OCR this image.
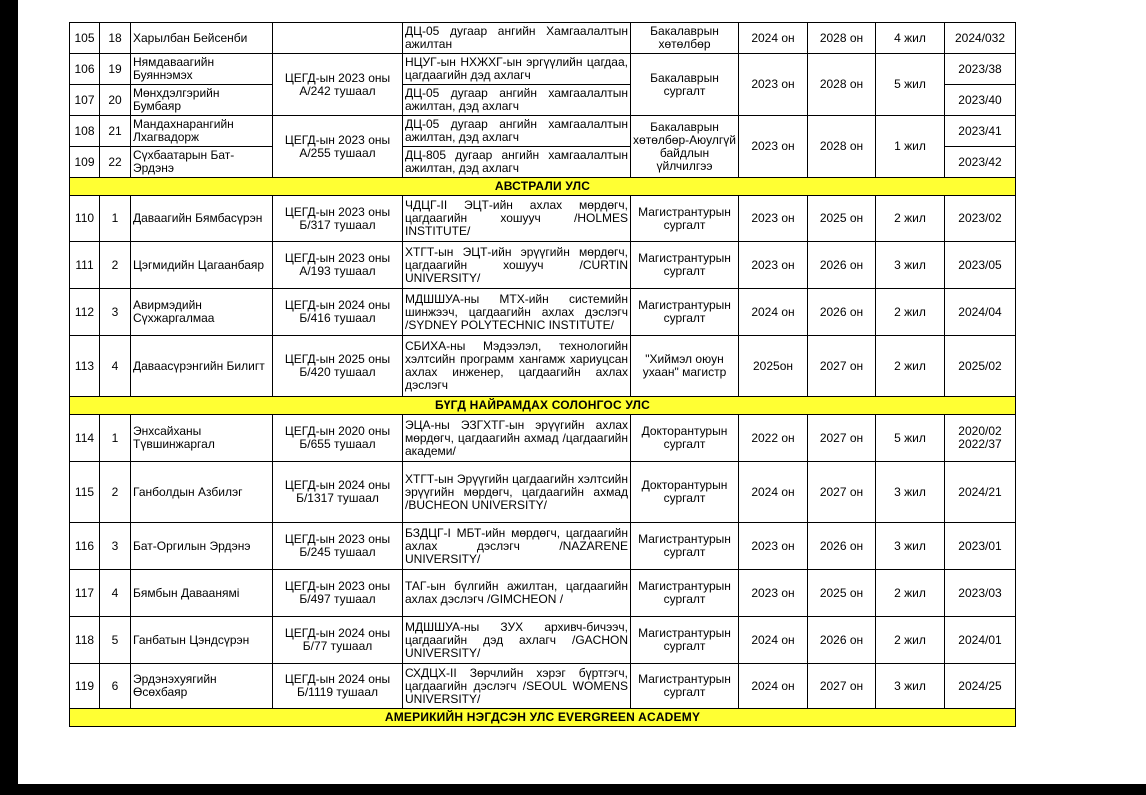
105	18	Харылбан Бейсенби		ДЦ-05 дугаар ангийн Хамгаалалтын ажилтан	Бакалаврын хөтөлбөр	2024 он	2028 он	4 жил	2024/032
106	19	Нямдаваагийн Буяннэмэх	ЦЕГД-ын 2023 оны А/242 тушаал	НЦУГ-ын НХЖХГ-ын эргүүлийн цагдаа, цагдаагийн дэд ахлагч	Бакалаврын сургалт	2023 он	2028 он	5 жил	2023/38
107	20	Мөнхдэлгэрийн Бумбаяр		ДЦ-05 дугаар ангийн хамгаалалтын ажилтан, дэд ахлагч					2023/40
108	21	Мандахнарангийн Лхагвадорж	ЦЕГД-ын 2023 оны А/255 тушаал	ДЦ-05 дугаар ангийн хамгаалалтын ажилтан, дэд ахлагч	Бакалаврын хөтөлбөр-Аюулгүй байдлын үйлчилгээ	2023 он	2028 он	1 жил	2023/41
109	22	Сүхбаатарын Бат-Эрдэнэ		ДЦ-805 дугаар ангийн хамгаалалтын ажилтан, дэд ахлагч					2023/42
АВСТРАЛИ УЛС									
110	1	Даваагийн Бямбасүрэн	ЦЕГД-ын 2023 оны Б/317 тушаал	ЧДЦГ-II ЭЦТ-ийн ахлах мөрдөгч, цагдаагийн хошууч /HOLMES INSTITUTE/	Магистрантурын сургалт	2023 он	2025 он	2 жил	2023/02
111	2	Цэгмидийн Цагаанбаяр	ЦЕГД-ын 2023 оны А/193 тушаал	ХТГТ-ын ЭЦТ-ийн эрүүгийн мөрдөгч, цагдаагийн хошууч /CURTIN UNIVERSITY/	Магистрантурын сургалт	2023 он	2026 он	3 жил	2023/05
112	3	Авирмэдийн Сүхжаргалмаа	ЦЕГД-ын 2024 оны Б/416 тушаал	МДШШУА-ны МТХ-ийн системийн шинжээч, цагдаагийн ахлах дэслэгч /SYDNEY POLYTECHNIC INSTITUTE/	Магистрантурын сургалт	2024 он	2026 он	2 жил	2024/04
113	4	Даваасүрэнгийн Билигт	ЦЕГД-ын 2025 оны Б/420 тушаал	СБИХА-ны Мэдээлэл, технологийн хэлтсийн программ хангамж хариуцсан ахлах инженер, цагдаагийн ахлах дэслэгч	"Хиймэл оюун ухаан" магистр	2025он	2027 он	2 жил	2025/02
БҮГД НАЙРАМДАХ СОЛОНГОС УЛС									
114	1	Энхсайханы Түвшинжаргал	ЦЕГД-ын 2020 оны Б/655 тушаал	ЭЦА-ны ЭЗГХТГ-ын эрүүгийн ахлах мөрдөгч, цагдаагийн ахмад /цагдаагийн академи/	Докторантурын сургалт	2022 он	2027 он	5 жил	2020/02
2022/37

115	2	Ганболдын Азбилэг	ЦЕГД-ын 2024 оны Б/1317 тушаал	ХТГТ-ын Эрүүгийн цагдаагийн хэлтсийн эрүүгийн мөрдөгч, цагдаагийн ахмад /BUCHEON UNIVERSITY/	Докторантурын сургалт	2024 он	2027 он	3 жил	2024/21
116	3	Бат-Оргилын Эрдэнэ	ЦЕГД-ын 2023 оны Б/245 тушаал	БЗДЦГ-I МБТ-ийн мөрдөгч, цагдаагийн ахлах дэслэгч /NAZARENE UNIVERSITY/	Магистрантурын сургалт	2023 он	2026 он	3 жил	2023/01
117	4	Бямбын Даваанямi	ЦЕГД-ын 2023 оны Б/497 тушаал	ТАГ-ын бүлгийн ажилтан, цагдаагийн ахлах дэслэгч /GIMCHEON /	Магистрантурын сургалт	2023 он	2025 он	2 жил	2023/03
118	5	Ганбатын Цэндсүрэн	ЦЕГД-ын 2024 оны Б/77 тушаал	МДШШУА-ны ЗУХ архивч-бичээч, цагдаагийн дэд ахлагч /GACHON UNIVERSITY/	Магистрантурын сургалт	2024 он	2026 он	2 жил	2024/01
119	6	Эрдэнэхуягийн Өсөхбаяр	ЦЕГД-ын 2024 оны Б/1119 тушаал	СХДЦХ-II Зөрчлийн хэрэг бүртгэгч, цагдаагийн дэслэгч /SEOUL WOMENS UNIVERSITY/	Магистрантурын сургалт	2024 он	2027 он	3 жил	2024/25
АМЕРИКИЙН НЭГДСЭН УЛС EVERGREEN ACADEMY									
